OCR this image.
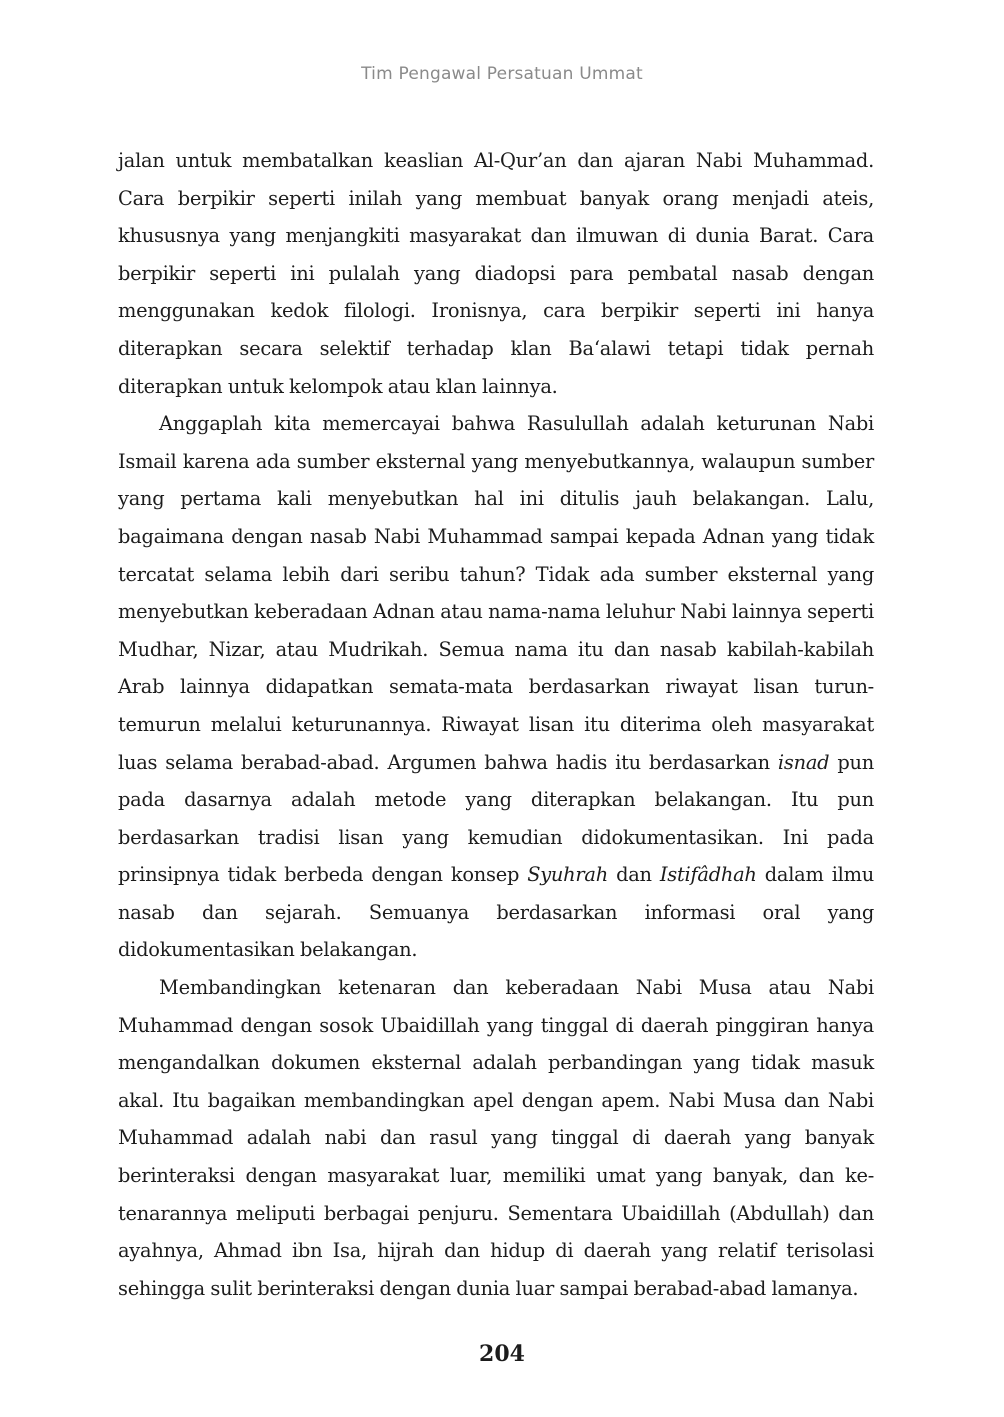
Tim Pengawal Persatuan Ummat

jalan untuk membatalkan keaslian Al-Qur’an dan ajaran Nabi Muhammad. Cara berpikir seperti inilah yang membuat banyak orang menjadi ateis, khususnya yang menjangkiti masyarakat dan ilmuwan di dunia Barat. Cara berpikir seperti ini pulalah yang diadopsi para pembatal nasab dengan menggunakan kedok filologi. Ironisnya, cara berpikir seperti ini hanya diterapkan secara selektif terhadap klan Ba‘alawi tetapi tidak pernah diterapkan untuk kelompok atau klan lainnya.

Anggaplah kita memercayai bahwa Rasulullah adalah keturunan Nabi Ismail karena ada sumber eksternal yang menyebutkannya, walaupun sumber yang pertama kali menyebutkan hal ini ditulis jauh belakangan. Lalu, bagaimana dengan nasab Nabi Muhammad sampai kepada Adnan yang tidak tercatat selama lebih dari seribu tahun? Tidak ada sumber eksternal yang menyebutkan keberadaan Adnan atau nama-nama leluhur Nabi lainnya seperti Mudhar, Nizar, atau Mudrikah. Semua nama itu dan nasab kabilah-kabilah Arab lainnya didapatkan semata-mata berdasarkan riwayat lisan turun-temurun melalui keturunannya. Riwayat lisan itu diterima oleh masyarakat luas selama berabad-abad. Argumen bahwa hadis itu berdasarkan isnad pun pada dasarnya adalah metode yang diterapkan belakangan. Itu pun berdasarkan tradisi lisan yang kemudian didokumentasikan. Ini pada prinsipnya tidak berbeda dengan konsep Syuhrah dan Istifâdhah dalam ilmu nasab dan sejarah. Semuanya berdasarkan informasi oral yang didokumentasikan belakangan.

Membandingkan ketenaran dan keberadaan Nabi Musa atau Nabi Muhammad dengan sosok Ubaidillah yang tinggal di daerah pinggiran hanya mengandalkan dokumen eksternal adalah perbandingan yang tidak masuk akal. Itu bagaikan membandingkan apel dengan apem. Nabi Musa dan Nabi Muhammad adalah nabi dan rasul yang tinggal di daerah yang banyak berinteraksi dengan masyarakat luar, memiliki umat yang banyak, dan ke-tenarannya meliputi berbagai penjuru. Sementara Ubaidillah (Abdullah) dan ayahnya, Ahmad ibn Isa, hijrah dan hidup di daerah yang relatif terisolasi sehingga sulit berinteraksi dengan dunia luar sampai berabad-abad lamanya.

204
